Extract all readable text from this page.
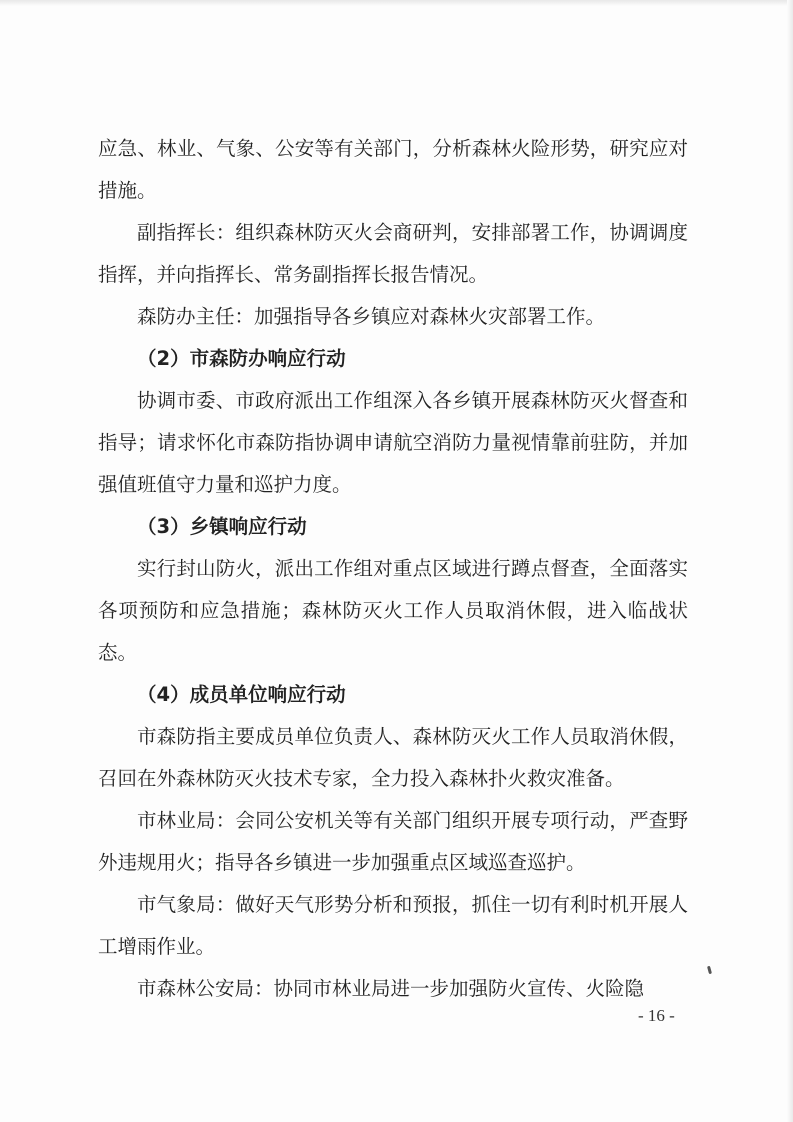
应急、林业、气象、公安等有关部门，分析森林火险形势，研究应对措施。

副指挥长：组织森林防灭火会商研判，安排部署工作，协调调度指挥，并向指挥长、常务副指挥长报告情况。

森防办主任：加强指导各乡镇应对森林火灾部署工作。

（2）市森防办响应行动

协调市委、市政府派出工作组深入各乡镇开展森林防灭火督查和指导；请求怀化市森防指协调申请航空消防力量视情靠前驻防，并加强值班值守力量和巡护力度。

（3）乡镇响应行动

实行封山防火，派出工作组对重点区域进行蹲点督查，全面落实各项预防和应急措施；森林防灭火工作人员取消休假，进入临战状态。

（4）成员单位响应行动

市森防指主要成员单位负责人、森林防灭火工作人员取消休假，召回在外森林防灭火技术专家，全力投入森林扑火救灾准备。

市林业局：会同公安机关等有关部门组织开展专项行动，严查野外违规用火；指导各乡镇进一步加强重点区域巡查巡护。

市气象局：做好天气形势分析和预报，抓住一切有利时机开展人工增雨作业。

市森林公安局：协同市林业局进一步加强防火宣传、火险隐

- 16 -
